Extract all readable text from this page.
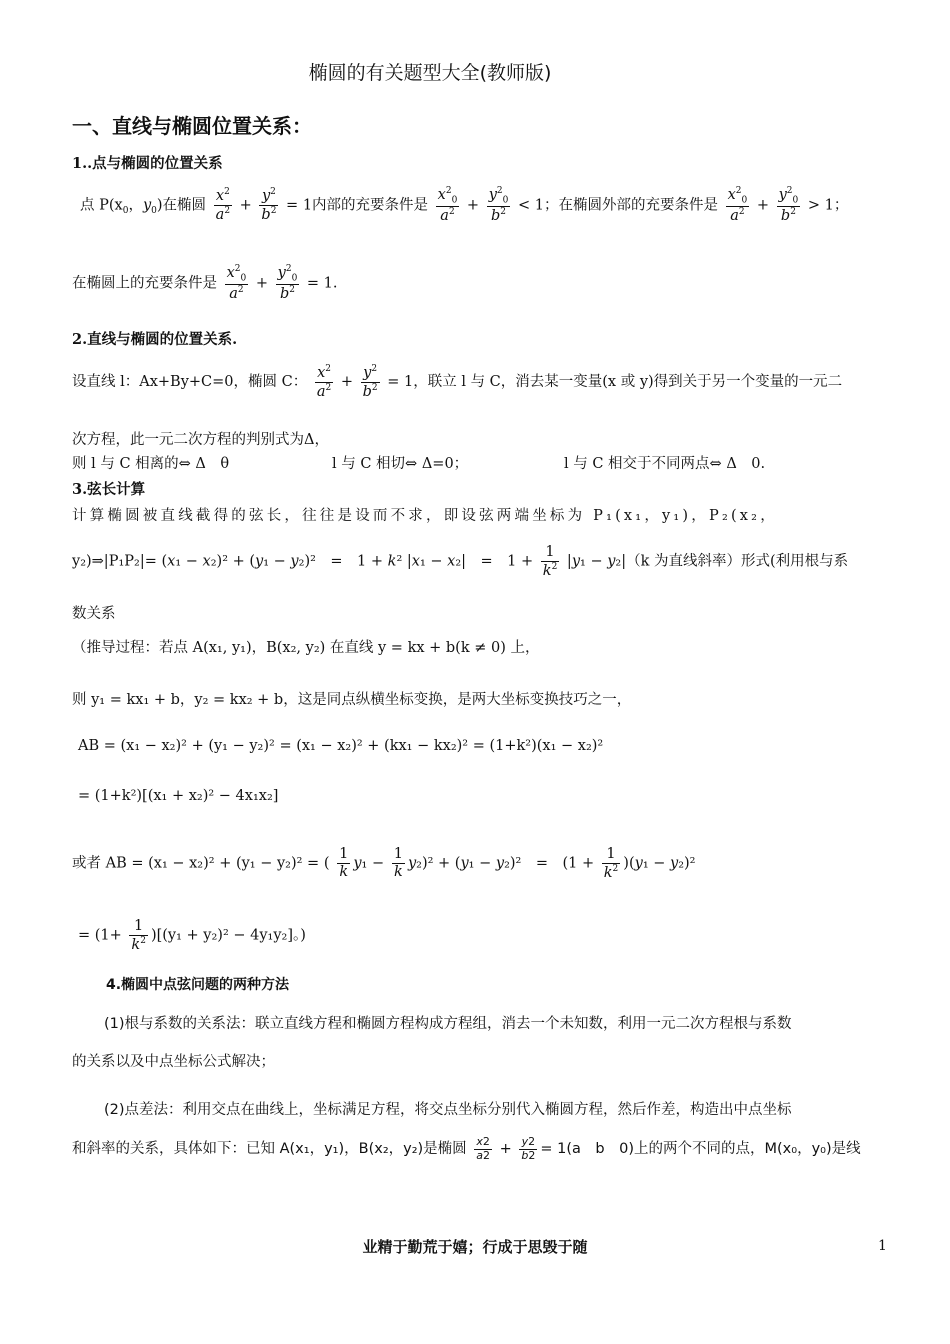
椭圆的有关题型大全(教师版)
一、直线与椭圆位置关系：
1..点与椭圆的位置关系
点 $P(x_0$，$y_0$)在椭圆 $\frac{x^2}{a^2} + \frac{y^2}{b^2} = 1$内部的充要条件是 $\frac{x^2_0}{a^2} + \frac{y^2_0}{b^2} < 1$；在椭圆外部的充要条件是 $\frac{x^2_0}{a^2} + \frac{y^2_0}{b^2} > 1$；
在椭圆上的充要条件是 $\frac{x^2_0}{a^2} + \frac{y^2_0}{b^2} = 1$.
2.直线与椭圆的位置关系.
设直线 l：Ax+By+C=0，椭圆 C： $\frac{x^2}{a^2} + \frac{y^2}{b^2} = 1$，联立 l 与 C，消去某一变量(x 或 y)得到关于另一个变量的一元二
次方程，此一元二次方程的判别式为Δ，
则 l 与 C 相离的⇔ Δ　θ	l 与 C 相切⇔ Δ=0；	l 与 C 相交于不同两点⇔ Δ　0.
3.弦长计算
计算椭圆被直线截得的弦长，往往是设而不求，即设弦两端坐标为 P₁(x₁，y₁)，P₂(x₂，
y₂)⇒|P₁P₂|= (x₁ − x₂)² + (y₁ − y₂)²　=　1 + k² |x₁ − x₂|　=　$1 + \frac{1}{k^2} |y_1 - y_2|(k$ 为直线斜率）形式(利用根与系
数关系
（推导过程：若点 A(x₁, y₁)，B(x₂, y₂) 在直线 y = kx + b(k ≠ 0) 上，
则 y₁ = kx₁ + b，y₂ = kx₂ + b，这是同点纵横坐标变换，是两大坐标变换技巧之一，
AB = (x₁ − x₂)² + (y₁ − y₂)² = (x₁ − x₂)² + (kx₁ − kx₂)² = (1+k²)(x₁ − x₂)²
= (1+k²)[(x₁ + x₂)² − 4x₁x₂]
或者 AB = (x₁ − x₂)² + (y₁ − y₂)² = ( $\frac{1}{k} y_1 - \frac{1}{k} y_2)^2 + (y_1 - y_2)^2$　=　$(1 + \frac{1}{k^2} )(y_1 - y_2)^2$
= $(1+ \frac{1}{k^2} )[(y_1 + y_2)^2 - 4y_1y_2]$。)
4.椭圆中点弦问题的两种方法
(1)根与系数的关系法：联立直线方程和椭圆方程构成方程组，消去一个未知数，利用一元二次方程根与系数
的关系以及中点坐标公式解决；
(2)点差法：利用交点在曲线上，坐标满足方程，将交点坐标分别代入椭圆方程，然后作差，构造出中点坐标
和斜率的关系，具体如下：已知 A(x₁，y₁)，B(x₂，y₂)是椭圆 $\frac{x2}{a2} + \frac{y2}{b2} = 1(a$　b　0)上的两个不同的点，M(x₀，y₀)是线
业精于勤荒于嬉；行成于思毁于随	1
